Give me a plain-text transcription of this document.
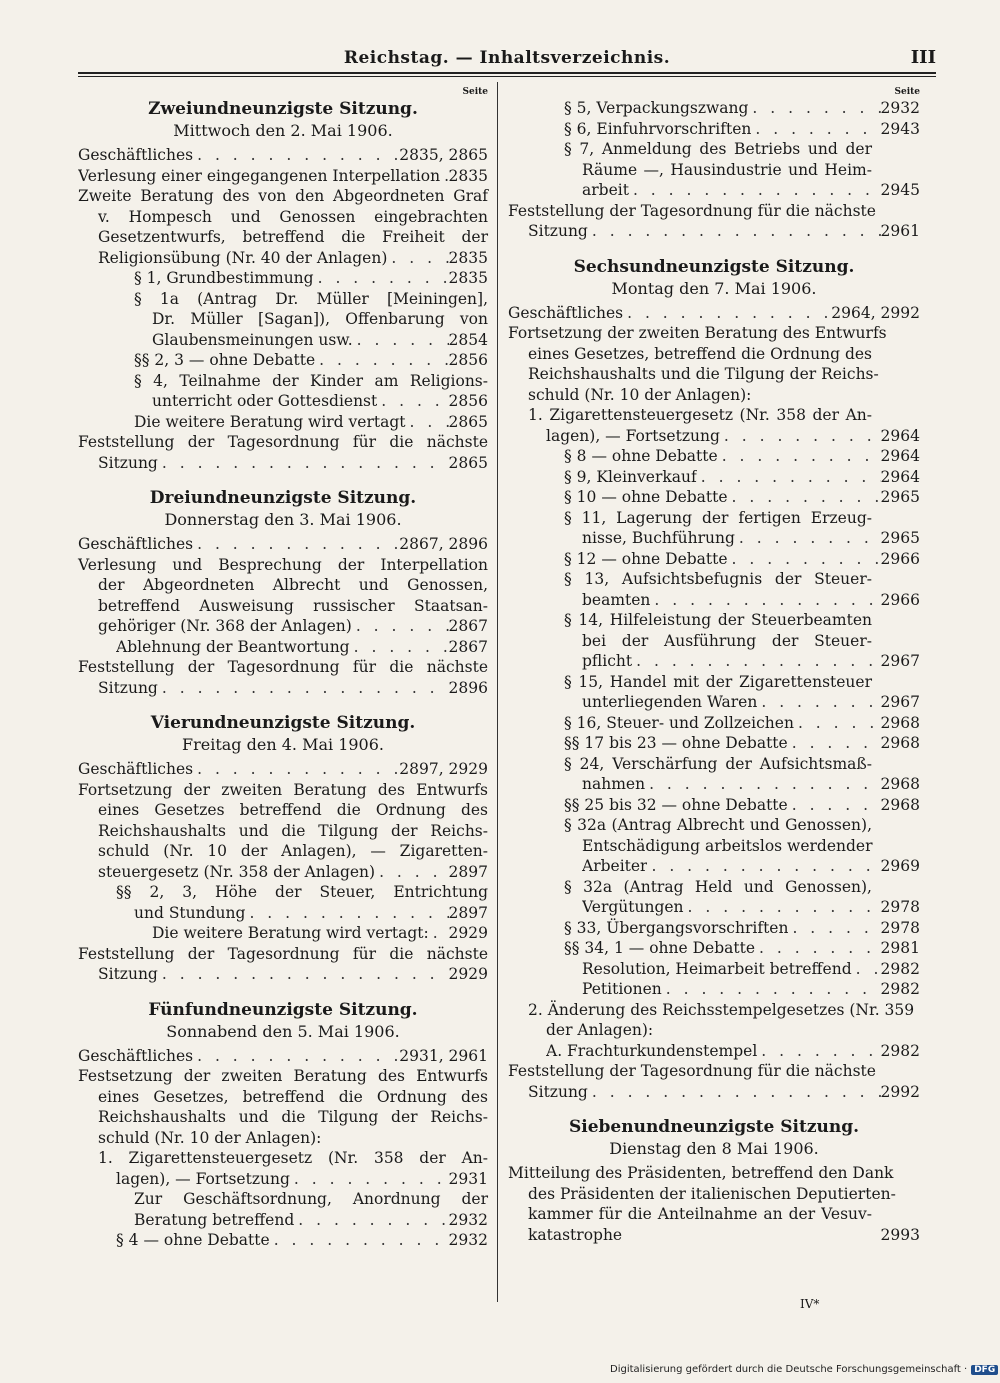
Reichstag. — Inhaltsverzeichnis.	III
Seite
Zweiundneunzigste Sitzung.
Mittwoch den 2. Mai 1906.
Geschäftliches . . .	2835, 2865
Verlesung einer eingegangenen Interpellation . . . 2835
Zweite Beratung des von den Abgeordneten Graf
v. Hompesch und Genossen eingebrachten
Gesetzentwurfs, betreffend die Freiheit der
Religionsübung (Nr. 40 der Anlagen) . . .	2835
§ 1, Grundbestimmung . . .	2835
§ 1a (Antrag Dr. Müller [Meiningen],
Dr. Müller [Sagan]), Offenbarung von
Glaubensmeinungen usw. . . .	2854
§§ 2, 3 — ohne Debatte . . .	2856
§ 4, Teilnahme der Kinder am Religions-
unterricht oder Gottesdienst . . .	2856
Die weitere Beratung wird vertagt . . .	2865
Feststellung der Tagesordnung für die nächste
Sitzung . . .	2865
Dreiundneunzigste Sitzung.
Donnerstag den 3. Mai 1906.
Geschäftliches . . .	2867, 2896
Verlesung und Besprechung der Interpellation
der Abgeordneten Albrecht und Genossen,
betreffend Ausweisung russischer Staatsan-
gehöriger (Nr. 368 der Anlagen) . . .	2867
Ablehnung der Beantwortung . . .	2867
Feststellung der Tagesordnung für die nächste
Sitzung . . .	2896
Vierundneunzigste Sitzung.
Freitag den 4. Mai 1906.
Geschäftliches . . .	2897, 2929
Fortsetzung der zweiten Beratung des Entwurfs
eines Gesetzes betreffend die Ordnung des
Reichshaushalts und die Tilgung der Reichs-
schuld (Nr. 10 der Anlagen), — Zigaretten-
steuergesetz (Nr. 358 der Anlagen) . . .	2897
§§ 2, 3, Höhe der Steuer, Entrichtung
und Stundung . . .	2897
Die weitere Beratung wird vertagt: . . . 2929
Feststellung der Tagesordnung für die nächste
Sitzung . . .	2929
Fünfundneunzigste Sitzung.
Sonnabend den 5. Mai 1906.
Geschäftliches . . .	2931, 2961
Festsetzung der zweiten Beratung des Entwurfs
eines Gesetzes, betreffend die Ordnung des
Reichshaushalts und die Tilgung der Reichs-
schuld (Nr. 10 der Anlagen):
1. Zigarettensteuergesetz (Nr. 358 der An-
lagen), — Fortsetzung . . .	2931
Zur Geschäftsordnung, Anordnung der
Beratung betreffend . . .	2932
§ 4 — ohne Debatte . . .	2932
Seite
§ 5, Verpackungszwang . . .	2932
§ 6, Einfuhrvorschriften . . .	2943
§ 7, Anmeldung des Betriebs und der
Räume —, Hausindustrie und Heim-
arbeit . . .	2945
Feststellung der Tagesordnung für die nächste
Sitzung . . .	2961
Sechsundneunzigste Sitzung.
Montag den 7. Mai 1906.
Geschäftliches . . .	2964, 2992
Fortsetzung der zweiten Beratung des Entwurfs
eines Gesetzes, betreffend die Ordnung des
Reichshaushalts und die Tilgung der Reichs-
schuld (Nr. 10 der Anlagen):
1. Zigarettensteuergesetz (Nr. 358 der An-
lagen), — Fortsetzung . . .	2964
§ 8 — ohne Debatte . . .	2964
§ 9, Kleinverkauf . . .	2964
§ 10 — ohne Debatte . . .	2965
§ 11, Lagerung der fertigen Erzeug-
nisse, Buchführung . . .	2965
§ 12 — ohne Debatte . . .	2966
§ 13, Aufsichtsbefugnis der Steuer-
beamten . . .	2966
§ 14, Hilfeleistung der Steuerbeamten
bei der Ausführung der Steuer-
pflicht . . .	2967
§ 15, Handel mit der Zigarettensteuer
unterliegenden Waren . . .	2967
§ 16, Steuer- und Zollzeichen . . .	2968
§§ 17 bis 23 — ohne Debatte . . .	2968
§ 24, Verschärfung der Aufsichtsmaß-
nahmen . . .	2968
§§ 25 bis 32 — ohne Debatte . . .	2968
§ 32a (Antrag Albrecht und Genossen),
Entschädigung arbeitslos werdender
Arbeiter . . .	2969
§ 32a (Antrag Held und Genossen),
Vergütungen . . .	2978
§ 33, Übergangsvorschriften . . .	2978
§§ 34, 1 — ohne Debatte . . .	2981
Resolution, Heimarbeit betreffend . . . 2982
Petitionen . . .	2982
2. Änderung des Reichsstempelgesetzes (Nr. 359
der Anlagen):
A. Frachturkundenstempel . . .	2982
Feststellung der Tagesordnung für die nächste
Sitzung . . .	2992
Siebenundneunzigste Sitzung.
Dienstag den 8 Mai 1906.
Mitteilung des Präsidenten, betreffend den Dank
des Präsidenten der italienischen Deputierten-
kammer für die Anteilnahme an der Vesuv-
katastrophe	2993
IV*
Digitalisierung gefördert durch die Deutsche Forschungsgemeinschaft · DFG
